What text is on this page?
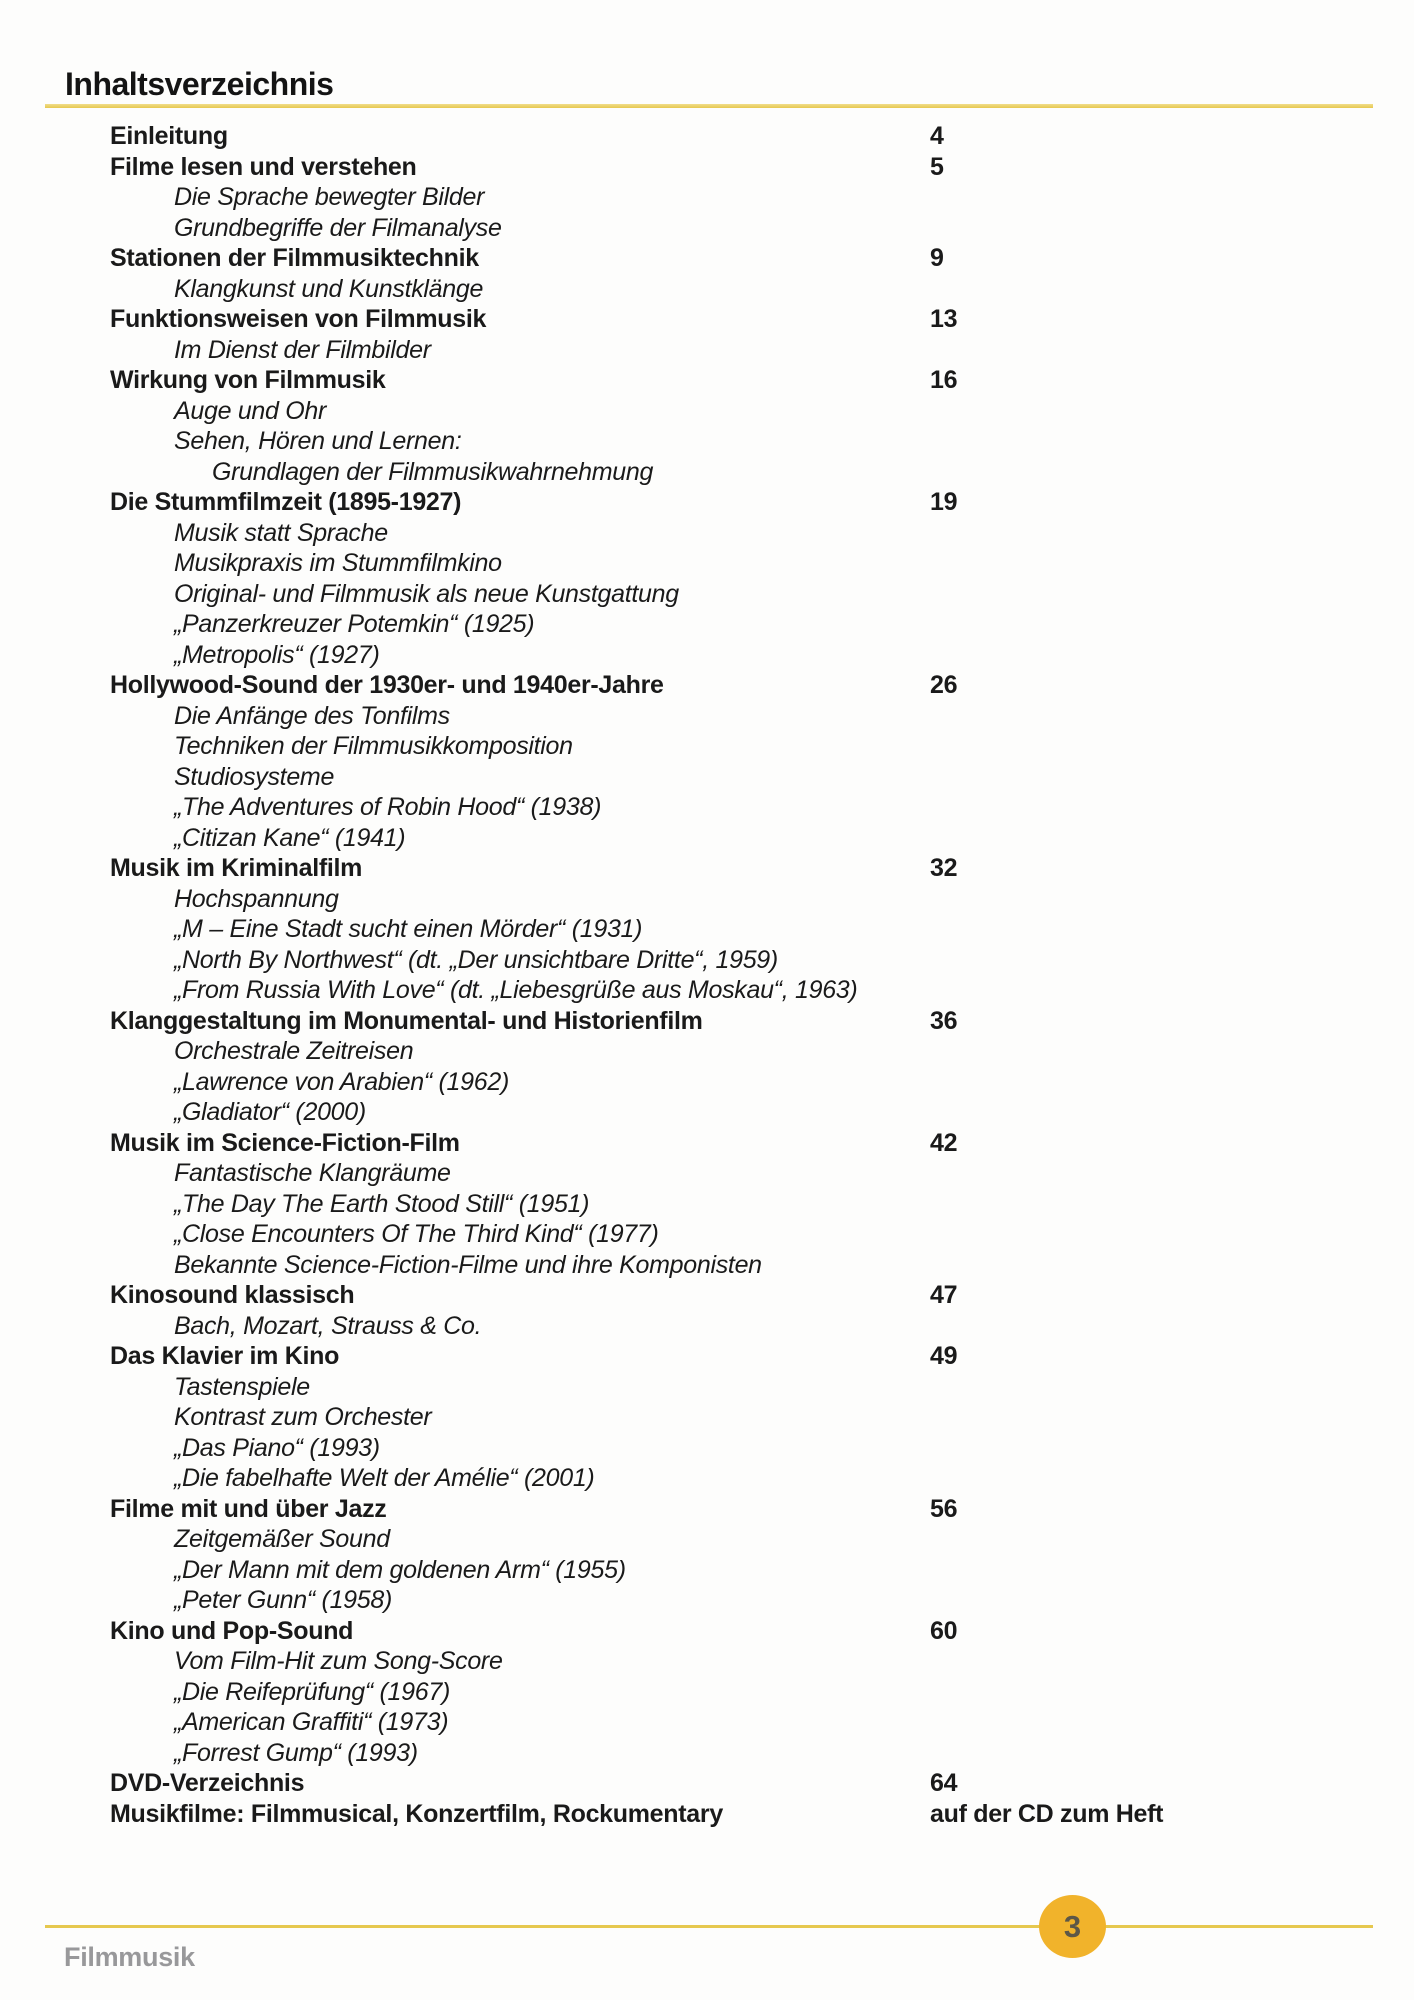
Inhaltsverzeichnis
Einleitung	4
Filme lesen und verstehen	5
Die Sprache bewegter Bilder
Grundbegriffe der Filmanalyse
Stationen der Filmmusiktechnik	9
Klangkunst und Kunstklänge
Funktionsweisen von Filmmusik	13
Im Dienst der Filmbilder
Wirkung von Filmmusik	16
Auge und Ohr
Sehen, Hören und Lernen:
Grundlagen der Filmmusikwahrnehmung
Die Stummfilmzeit (1895-1927)	19
Musik statt Sprache
Musikpraxis im Stummfilmkino
Original- und Filmmusik als neue Kunstgattung
„Panzerkreuzer Potemkin“ (1925)
„Metropolis“ (1927)
Hollywood-Sound der 1930er- und 1940er-Jahre	26
Die Anfänge des Tonfilms
Techniken der Filmmusikkomposition
Studiosysteme
„The Adventures of Robin Hood“ (1938)
„Citizan Kane“ (1941)
Musik im Kriminalfilm	32
Hochspannung
„M – Eine Stadt sucht einen Mörder“ (1931)
„North By Northwest“ (dt. „Der unsichtbare Dritte“, 1959)
„From Russia With Love“ (dt. „Liebesgrüße aus Moskau“, 1963)
Klanggestaltung im Monumental- und Historienfilm	36
Orchestrale Zeitreisen
„Lawrence von Arabien“ (1962)
„Gladiator“ (2000)
Musik im Science-Fiction-Film	42
Fantastische Klangräume
„The Day The Earth Stood Still“ (1951)
„Close Encounters Of The Third Kind“ (1977)
Bekannte Science-Fiction-Filme und ihre Komponisten
Kinosound klassisch	47
Bach, Mozart, Strauss & Co.
Das Klavier im Kino	49
Tastenspiele
Kontrast zum Orchester
„Das Piano“ (1993)
„Die fabelhafte Welt der Amélie“ (2001)
Filme mit und über Jazz	56
Zeitgemäßer Sound
„Der Mann mit dem goldenen Arm“ (1955)
„Peter Gunn“ (1958)
Kino und Pop-Sound	60
Vom Film-Hit zum Song-Score
„Die Reifeprüfung“ (1967)
„American Graffiti“ (1973)
„Forrest Gump“ (1993)
DVD-Verzeichnis	64
Musikfilme: Filmmusical, Konzertfilm, Rockumentary	auf der CD zum Heft
3
Filmmusik
